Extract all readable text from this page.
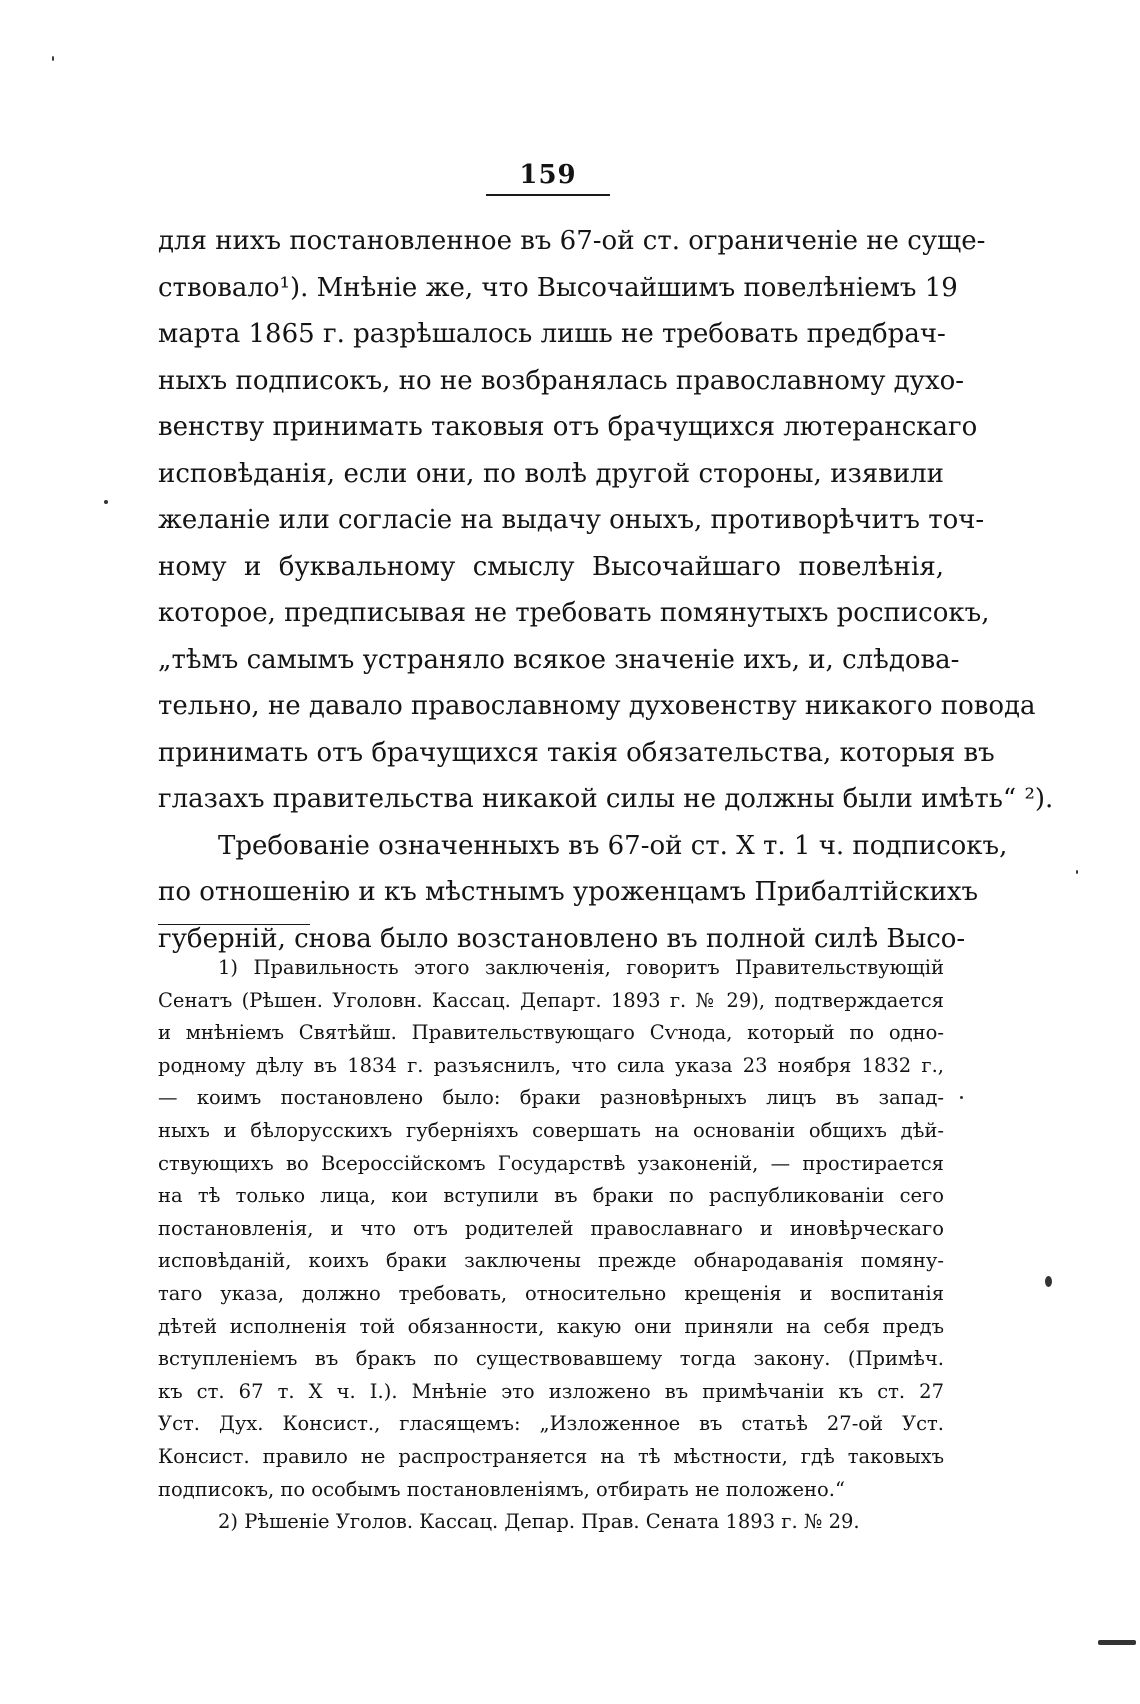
159
для нихъ постановленное въ 67-ой ст. ограниченіе не суще-
ствовало¹). Мнѣніе же, что Высочайшимъ повелѣніемъ 19
марта 1865 г. разрѣшалось лишь не требовать предбрач-
ныхъ подписокъ, но не возбранялась православному духо-
венству принимать таковыя отъ брачущихся лютеранскаго
исповѣданія, если они, по волѣ другой стороны, изявили
желаніе или согласіе на выдачу оныхъ, противорѣчитъ точ-
ному и буквальному смыслу Высочайшаго повелѣнія,
которое, предписывая не требовать помянутыхъ росписокъ,
„тѣмъ самымъ устраняло всякое значеніе ихъ, и, слѣдова-
тельно, не давало православному духовенству никакого повода
принимать отъ брачущихся такія обязательства, которыя въ
глазахъ правительства никакой силы не должны были имѣть“ ²).
Требованіе означенныхъ въ 67-ой ст. X т. 1 ч. подписокъ,
по отношенію и къ мѣстнымъ уроженцамъ Прибалтійскихъ
губерній, снова было возстановлено въ полной силѣ Высо-
1) Правильность этого заключенія, говоритъ Правительствующій
Сенатъ (Рѣшен. Уголовн. Кассац. Департ. 1893 г. № 29), подтверждается
и мнѣніемъ Святѣйш. Правительствующаго Сѵнода, который по одно-
родному дѣлу въ 1834 г. разъяснилъ, что сила указа 23 ноября 1832 г.,
— коимъ постановлено было: браки разновѣрныхъ лицъ въ запад-
ныхъ и бѣлорусскихъ губерніяхъ совершать на основаніи общихъ дѣй-
ствующихъ во Всероссійскомъ Государствѣ узаконеній, — простирается
на тѣ только лица, кои вступили въ браки по распубликованіи сего
постановленія, и что отъ родителей православнаго и иновѣрческаго
исповѣданій, коихъ браки заключены прежде обнародаванія помяну-
таго указа, должно требовать, относительно крещенія и воспитанія
дѣтей исполненія той обязанности, какую они приняли на себя предъ
вступленіемъ въ бракъ по существовавшему тогда закону. (Примѣч.
къ ст. 67 т. X ч. I.). Мнѣніе это изложено въ примѣчаніи къ ст. 27
Уст. Дух. Консист., гласящемъ: „Изложенное въ статьѣ 27-ой Уст.
Консист. правило не распространяется на тѣ мѣстности, гдѣ таковыхъ
подписокъ, по особымъ постановленіямъ, отбирать не положено.“
2) Рѣшеніе Уголов. Кассац. Депар. Прав. Сената 1893 г. № 29.
